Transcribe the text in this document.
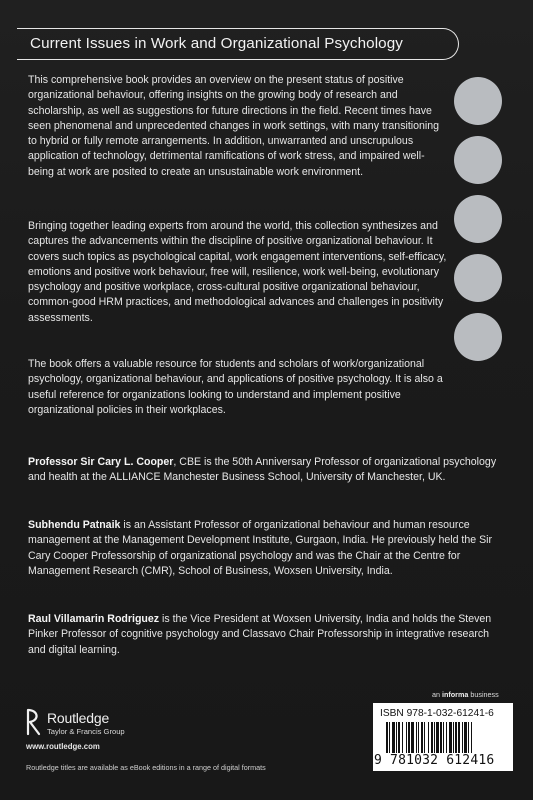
Current Issues in Work and Organizational Psychology

This comprehensive book provides an overview on the present status of positive organizational behaviour, offering insights on the growing body of research and scholarship, as well as suggestions for future directions in the field. Recent times have seen phenomenal and unprecedented changes in work settings, with many transitioning to hybrid or fully remote arrangements. In addition, unwarranted and unscrupulous application of technology, detrimental ramifications of work stress, and impaired well-being at work are posited to create an unsustainable work environment.

Bringing together leading experts from around the world, this collection synthesizes and captures the advancements within the discipline of positive organizational behaviour. It covers such topics as psychological capital, work engagement interventions, self-efficacy, emotions and positive work behaviour, free will, resilience, work well-being, evolutionary psychology and positive workplace, cross-cultural positive organizational behaviour, common-good HRM practices, and methodological advances and challenges in positivity assessments.

The book offers a valuable resource for students and scholars of work/organizational psychology, organizational behaviour, and applications of positive psychology. It is also a useful reference for organizations looking to understand and implement positive organizational policies in their workplaces.

Professor Sir Cary L. Cooper, CBE is the 50th Anniversary Professor of organizational psychology and health at the ALLIANCE Manchester Business School, University of Manchester, UK.

Subhendu Patnaik is an Assistant Professor of organizational behaviour and human resource management at the Management Development Institute, Gurgaon, India. He previously held the Sir Cary Cooper Professorship of organizational psychology and was the Chair at the Centre for Management Research (CMR), School of Business, Woxsen University, India.

Raul Villamarin Rodriguez is the Vice President at Woxsen University, India and holds the Steven Pinker Professor of cognitive psychology and Classavo Chair Professorship in integrative research and digital learning.

Routledge
Taylor & Francis Group
www.routledge.com
Routledge titles are available as eBook editions in a range of digital formats
an informa business
ISBN 978-1-032-61241-6
9 781032 612416
